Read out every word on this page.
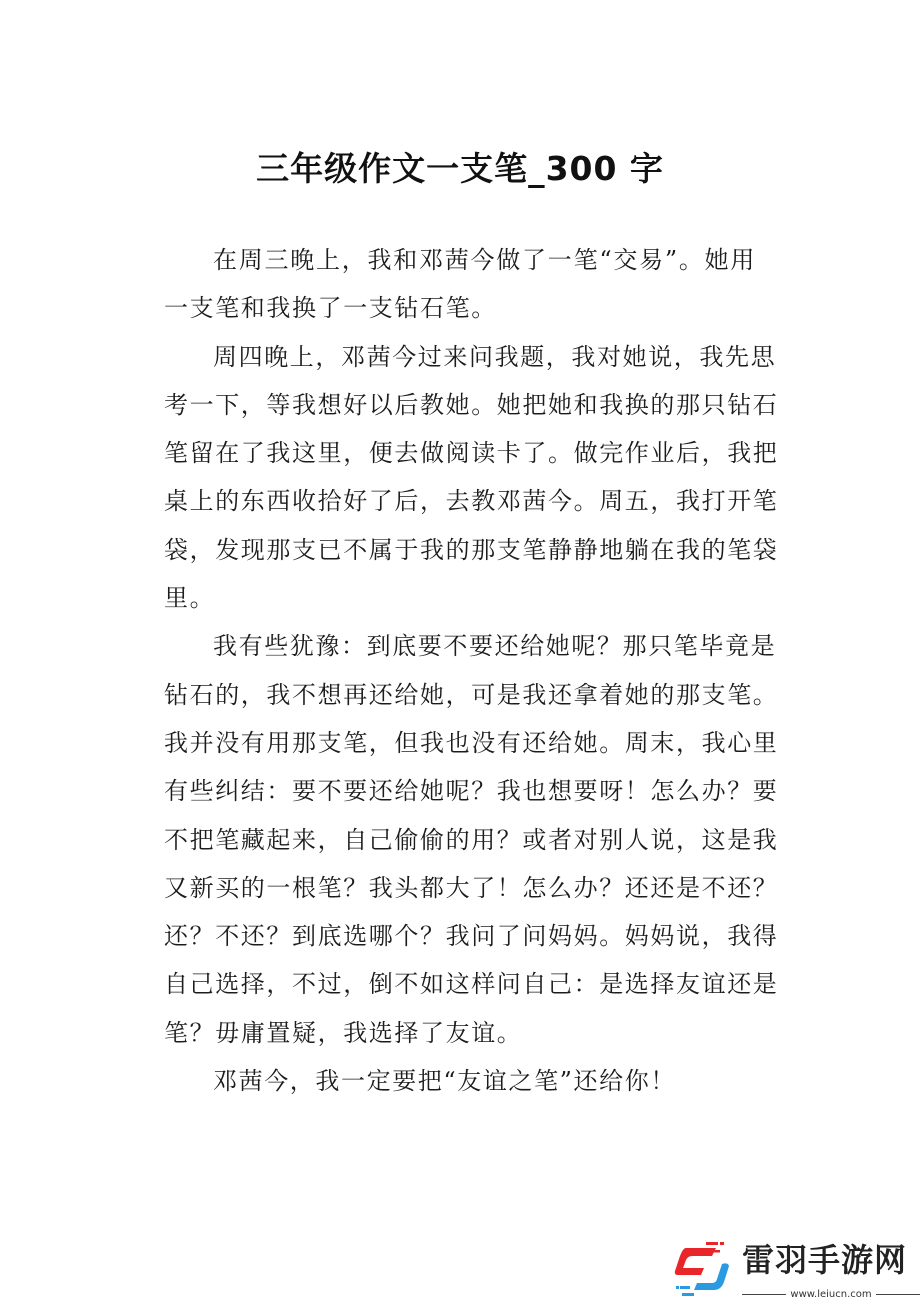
三年级作文一支笔_300 字

在周三晚上，我和邓茜今做了一笔“交易”。她用
一支笔和我换了一支钻石笔。

周四晚上，邓茜今过来问我题，我对她说，我先思
考一下，等我想好以后教她。她把她和我换的那只钻石
笔留在了我这里，便去做阅读卡了。做完作业后，我把
桌上的东西收拾好了后，去教邓茜今。周五，我打开笔
袋，发现那支已不属于我的那支笔静静地躺在我的笔袋
里。

我有些犹豫：到底要不要还给她呢？那只笔毕竟是
钻石的，我不想再还给她，可是我还拿着她的那支笔。
我并没有用那支笔，但我也没有还给她。周末，我心里
有些纠结：要不要还给她呢？我也想要呀！怎么办？要
不把笔藏起来，自己偷偷的用？或者对别人说，这是我
又新买的一根笔？我头都大了！怎么办？还还是不还？
还？不还？到底选哪个？我问了问妈妈。妈妈说，我得
自己选择，不过，倒不如这样问自己：是选择友谊还是
笔？毋庸置疑，我选择了友谊。

邓茜今，我一定要把“友谊之笔”还给你！

雷羽手游网
www.leiucn.com
